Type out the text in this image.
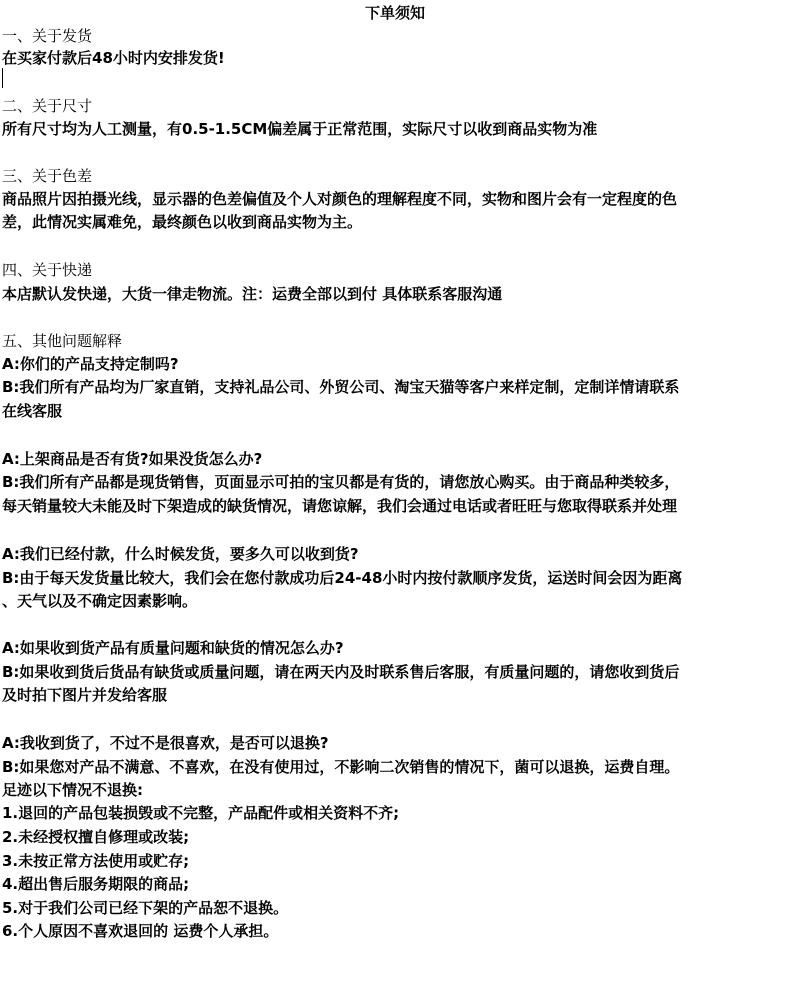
下单须知
一、关于发货
在买家付款后48小时内安排发货!
二、关于尺寸
所有尺寸均为人工测量，有0.5-1.5CM偏差属于正常范围，实际尺寸以收到商品实物为准
三、关于色差
商品照片因拍摄光线，显示器的色差偏值及个人对颜色的理解程度不同，实物和图片会有一定程度的色
差，此情况实属难免，最终颜色以收到商品实物为主。
四、关于快递
本店默认发快递，大货一律走物流。注：运费全部以到付 具体联系客服沟通
五、其他问题解释
A:你们的产品支持定制吗?
B:我们所有产品均为厂家直销，支持礼品公司、外贸公司、淘宝天猫等客户来样定制，定制详情请联系
在线客服
A:上架商品是否有货?如果没货怎么办?
B:我们所有产品都是现货销售，页面显示可拍的宝贝都是有货的，请您放心购买。由于商品种类较多，
每天销量较大未能及时下架造成的缺货情况，请您谅解，我们会通过电话或者旺旺与您取得联系并处理
A:我们已经付款，什么时候发货，要多久可以收到货?
B:由于每天发货量比较大，我们会在您付款成功后24-48小时内按付款顺序发货，运送时间会因为距离
、天气以及不确定因素影响。
A:如果收到货产品有质量问题和缺货的情况怎么办?
B:如果收到货后货品有缺货或质量问题，请在两天内及时联系售后客服，有质量问题的，请您收到货后
及时拍下图片并发给客服
A:我收到货了，不过不是很喜欢，是否可以退换?
B:如果您对产品不满意、不喜欢，在没有使用过，不影响二次销售的情况下，菌可以退换，运费自理。
足迹以下情况不退换:
1.退回的产品包装损毁或不完整，产品配件或相关资料不齐;
2.未经授权擅自修理或改装;
3.未按正常方法使用或贮存;
4.超出售后服务期限的商品;
5.对于我们公司已经下架的产品恕不退换。
6.个人原因不喜欢退回的 运费个人承担。
